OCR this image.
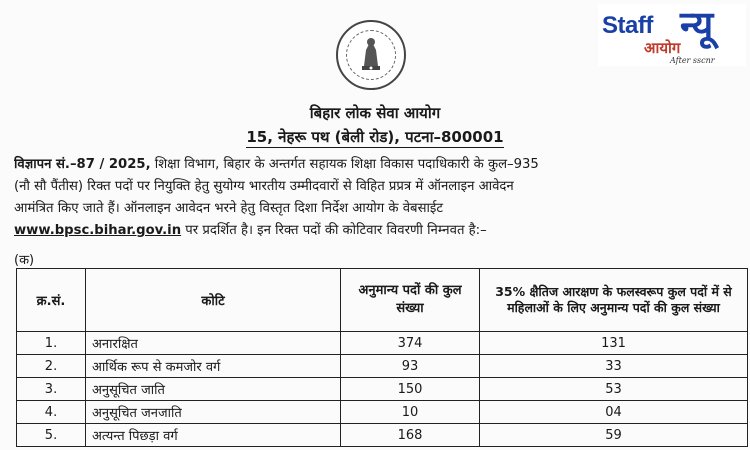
Staff न्यू
आयोग
After sscnr
बिहार लोक सेवा आयोग
15, नेहरू पथ (बेली रोड), पटना–800001
विज्ञापन सं.–87 / 2025, शिक्षा विभाग, बिहार के अन्तर्गत सहायक शिक्षा विकास पदाधिकारी के कुल–935
(नौ सौ पैंतीस) रिक्त पदों पर नियुक्ति हेतु सुयोग्य भारतीय उम्मीदवारों से विहित प्रप्रत्र में ऑनलाइन आवेदन
आमंत्रित किए जाते हैं। ऑनलाइन आवेदन भरने हेतु विस्तृत दिशा निर्देश आयोग के वेबसाईट
www.bpsc.bihar.gov.in पर प्रदर्शित है। इन रिक्त पदों की कोटिवार विवरणी निम्नवत है:–
(क)
क्र.सं.	कोटि	अनुमान्य पदों की कुल संख्या	35% क्षैतिज आरक्षण के फलस्वरूप कुल पदों में से महिलाओं के लिए अनुमान्य पदों की कुल संख्या
1.	अनारक्षित	374	131
2.	आर्थिक रूप से कमजोर वर्ग	93	33
3.	अनुसूचित जाति	150	53
4.	अनुसूचित जनजाति	10	04
5.	अत्यन्त पिछड़ा वर्ग	168	59
